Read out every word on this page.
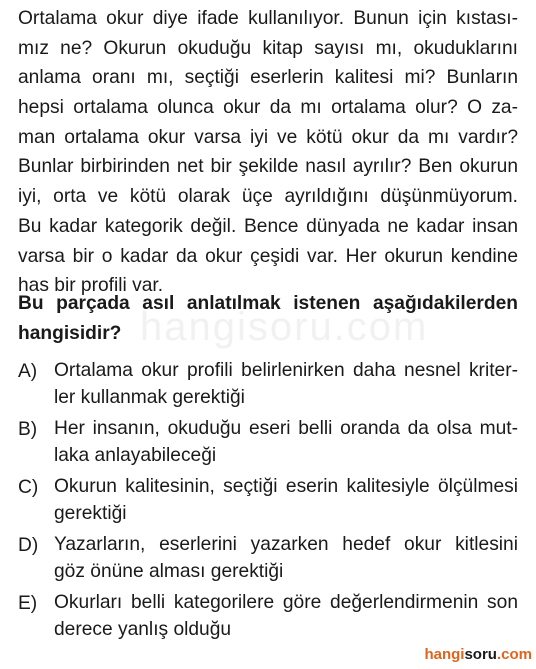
Ortalama okur diye ifade kullanılıyor. Bunun için kıstası-
mız ne? Okurun okuduğu kitap sayısı mı, okuduklarını
anlama oranı mı, seçtiği eserlerin kalitesi mi? Bunların
hepsi ortalama olunca okur da mı ortalama olur? O za-
man ortalama okur varsa iyi ve kötü okur da mı vardır?
Bunlar birbirinden net bir şekilde nasıl ayrılır? Ben okurun
iyi, orta ve kötü olarak üçe ayrıldığını düşünmüyorum.
Bu kadar kategorik değil. Bence dünyada ne kadar insan
varsa bir o kadar da okur çeşidi var. Her okurun kendine
has bir profili var.
hangisoru.com
Bu parçada asıl anlatılmak istenen aşağıdakilerden
hangisidir?
A) Ortalama okur profili belirlenirken daha nesnel kriter-
ler kullanmak gerektiği
B) Her insanın, okuduğu eseri belli oranda da olsa mut-
laka anlayabileceği
C) Okurun kalitesinin, seçtiği eserin kalitesiyle ölçülmesi
gerektiği
D) Yazarların, eserlerini yazarken hedef okur kitlesini
göz önüne alması gerektiği
E) Okurları belli kategorilere göre değerlendirmenin son
derece yanlış olduğu
hangisoru.com
